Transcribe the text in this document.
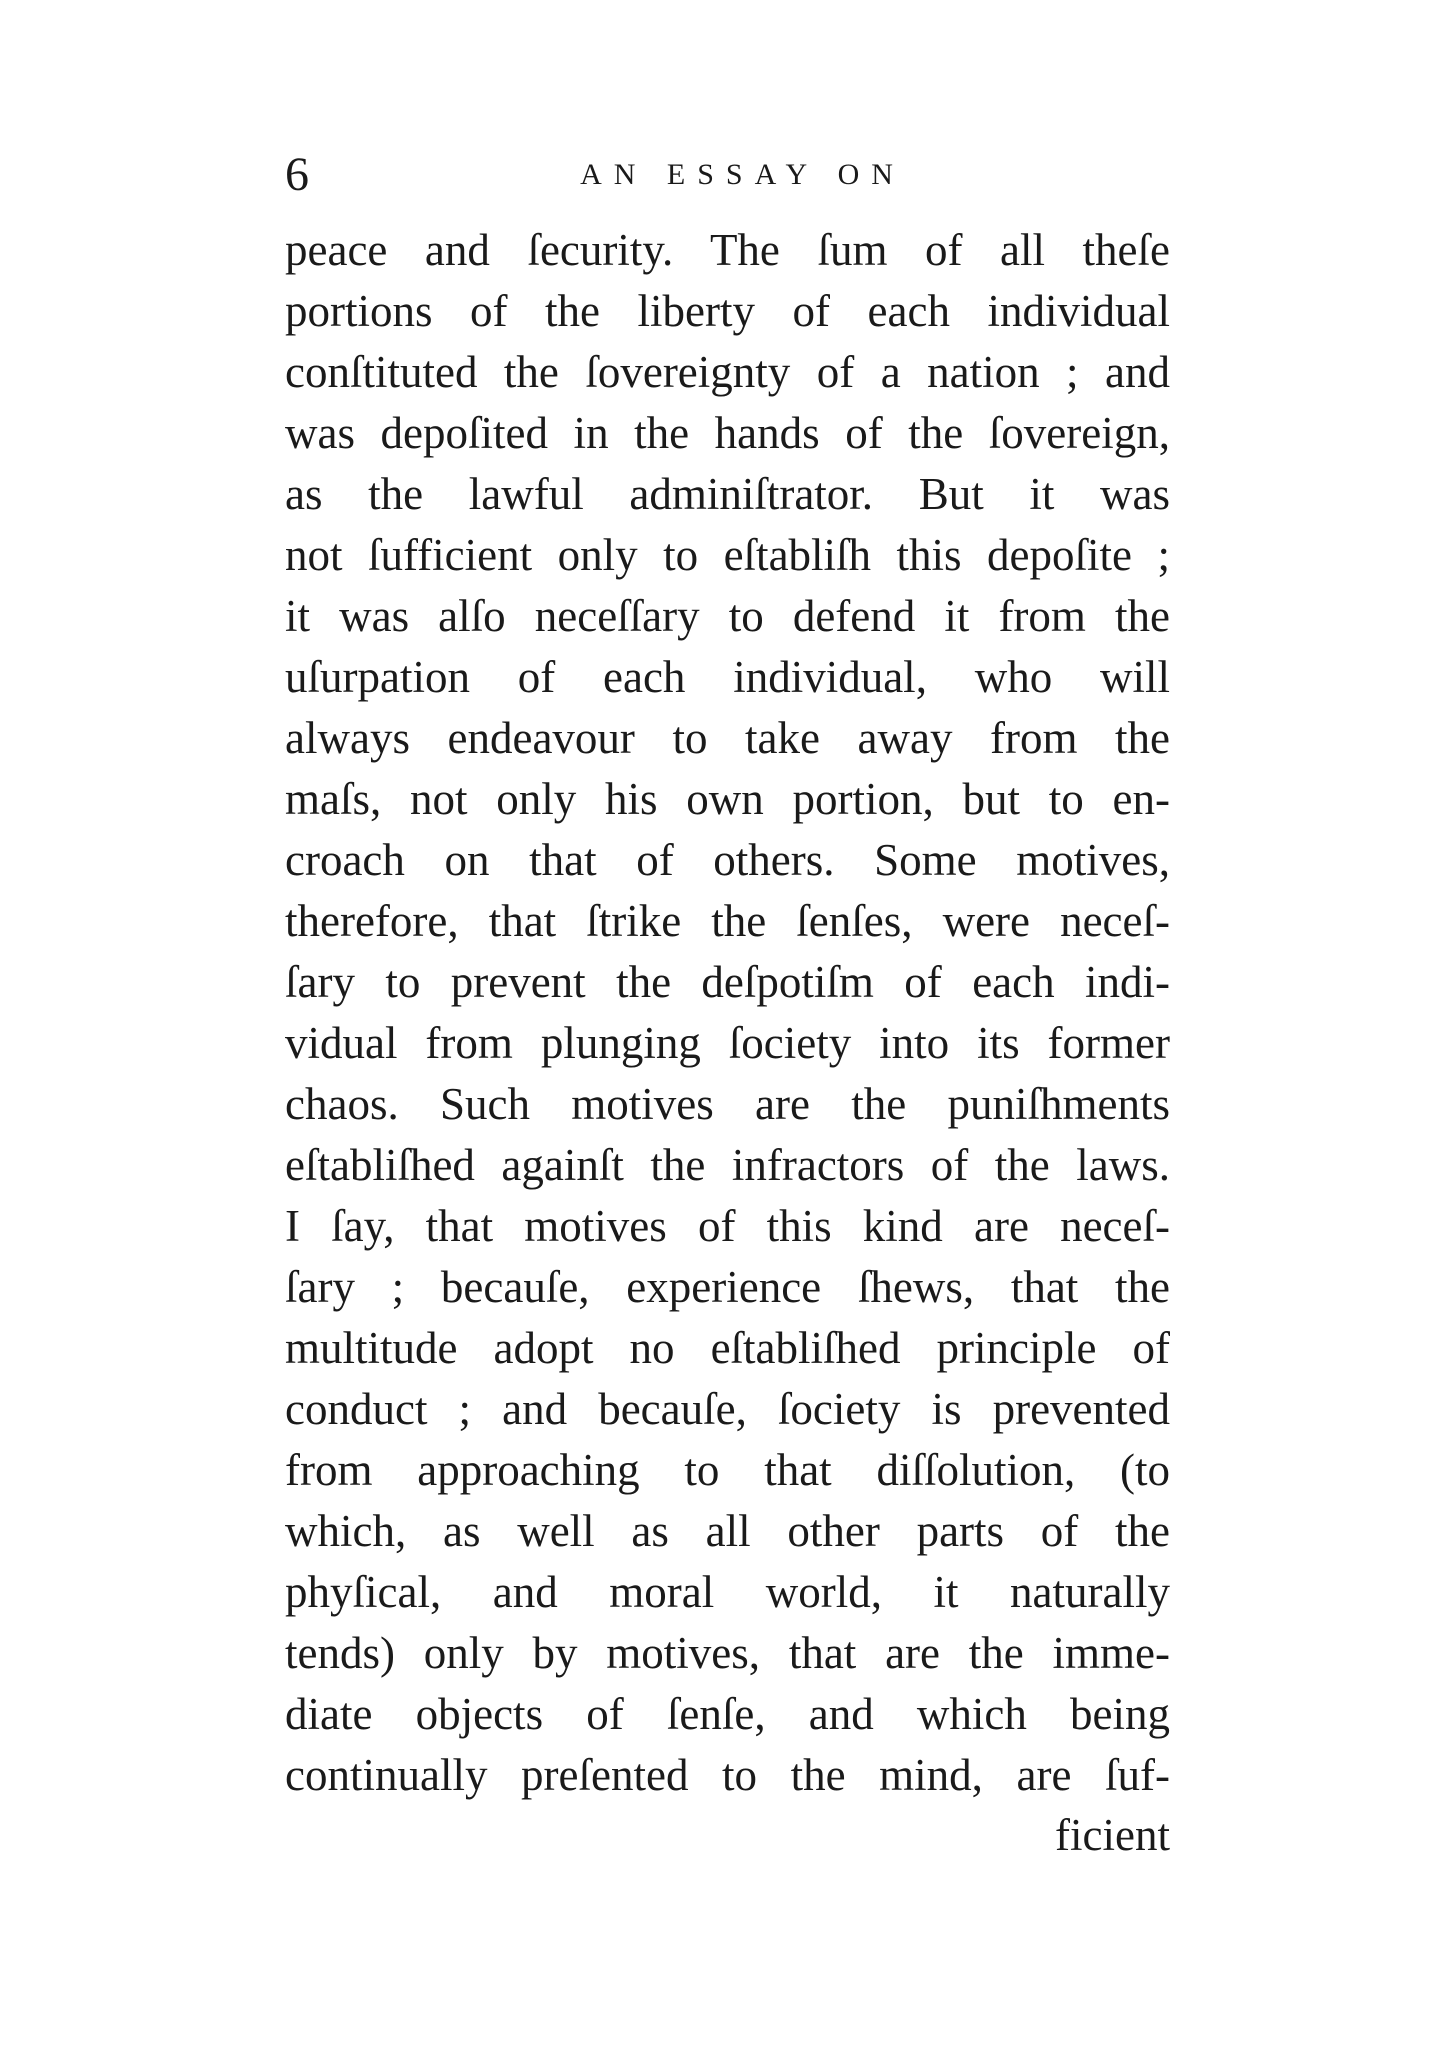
6	AN ESSAY ON
peace and ſecurity. The ſum of all theſe
portions of the liberty of each individual
conſtituted the ſovereignty of a nation ; and
was depoſited in the hands of the ſovereign,
as the lawful adminiſtrator. But it was
not ſufficient only to eſtabliſh this depoſite ;
it was alſo neceſſary to defend it from the
uſurpation of each individual, who will
always endeavour to take away from the
maſs, not only his own portion, but to en-
croach on that of others. Some motives,
therefore, that ſtrike the ſenſes, were neceſ-
ſary to prevent the deſpotiſm of each indi-
vidual from plunging ſociety into its former
chaos. Such motives are the puniſhments
eſtabliſhed againſt the infractors of the laws.
I ſay, that motives of this kind are neceſ-
ſary ; becauſe, experience ſhews, that the
multitude adopt no eſtabliſhed principle of
conduct ; and becauſe, ſociety is prevented
from approaching to that diſſolution, (to
which, as well as all other parts of the
phyſical, and moral world, it naturally
tends) only by motives, that are the imme-
diate objects of ſenſe, and which being
continually preſented to the mind, are ſuf-
ficient
